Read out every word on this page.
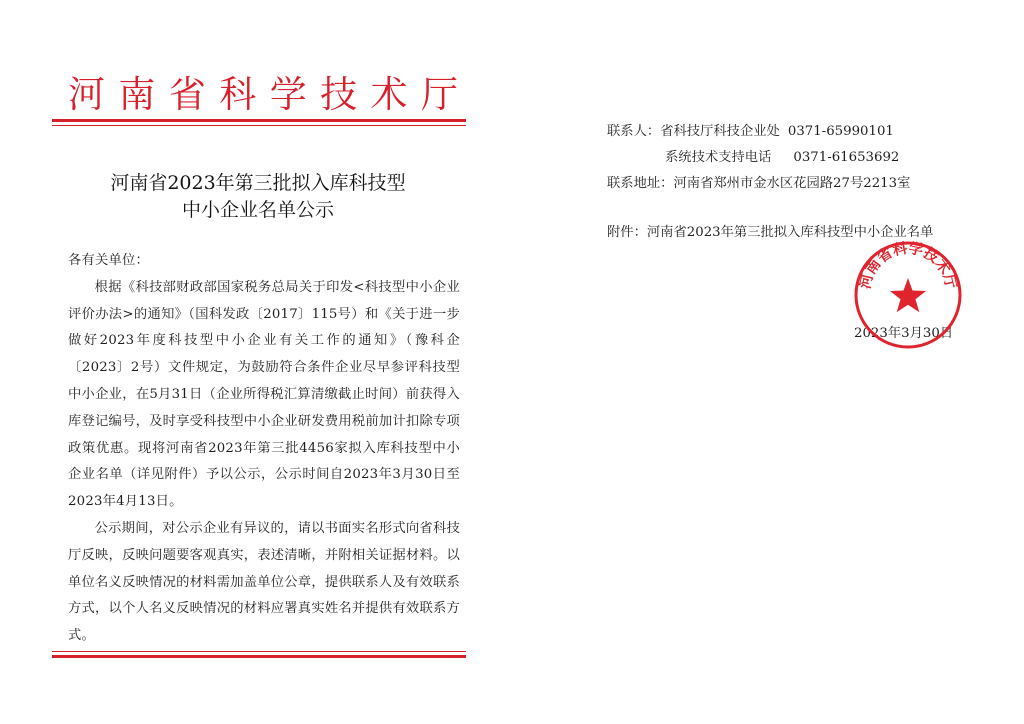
河 南 省 科 学 技 术 厅
河南省2023年第三批拟入库科技型
中小企业名单公示

各有关单位：

根据《科技部财政部国家税务总局关于印发<科技型中小企业评价办法>的通知》（国科发政〔2017〕115号）和《关于进一步做好2023年度科技型中小企业有关工作的通知》（豫科企〔2023〕2号）文件规定，为鼓励符合条件企业尽早参评科技型中小企业，在5月31日（企业所得税汇算清缴截止时间）前获得入库登记编号，及时享受科技型中小企业研发费用税前加计扣除专项政策优惠。现将河南省2023年第三批4456家拟入库科技型中小企业名单（详见附件）予以公示，公示时间自2023年3月30日至2023年4月13日。

公示期间，对公示企业有异议的，请以书面实名形式向省科技厅反映，反映问题要客观真实，表述清晰，并附相关证据材料。以单位名义反映情况的材料需加盖单位公章，提供联系人及有效联系方式，以个人名义反映情况的材料应署真实姓名并提供有效联系方式。

联系人： 省科技厅科技企业处 0371-65990101
系统技术支持电话 0371-61653692
联系地址： 河南省郑州市金水区花园路27号2213室
附件： 河南省2023年第三批拟入库科技型中小企业名单
2023年3月30日
河南省科学技术厅
